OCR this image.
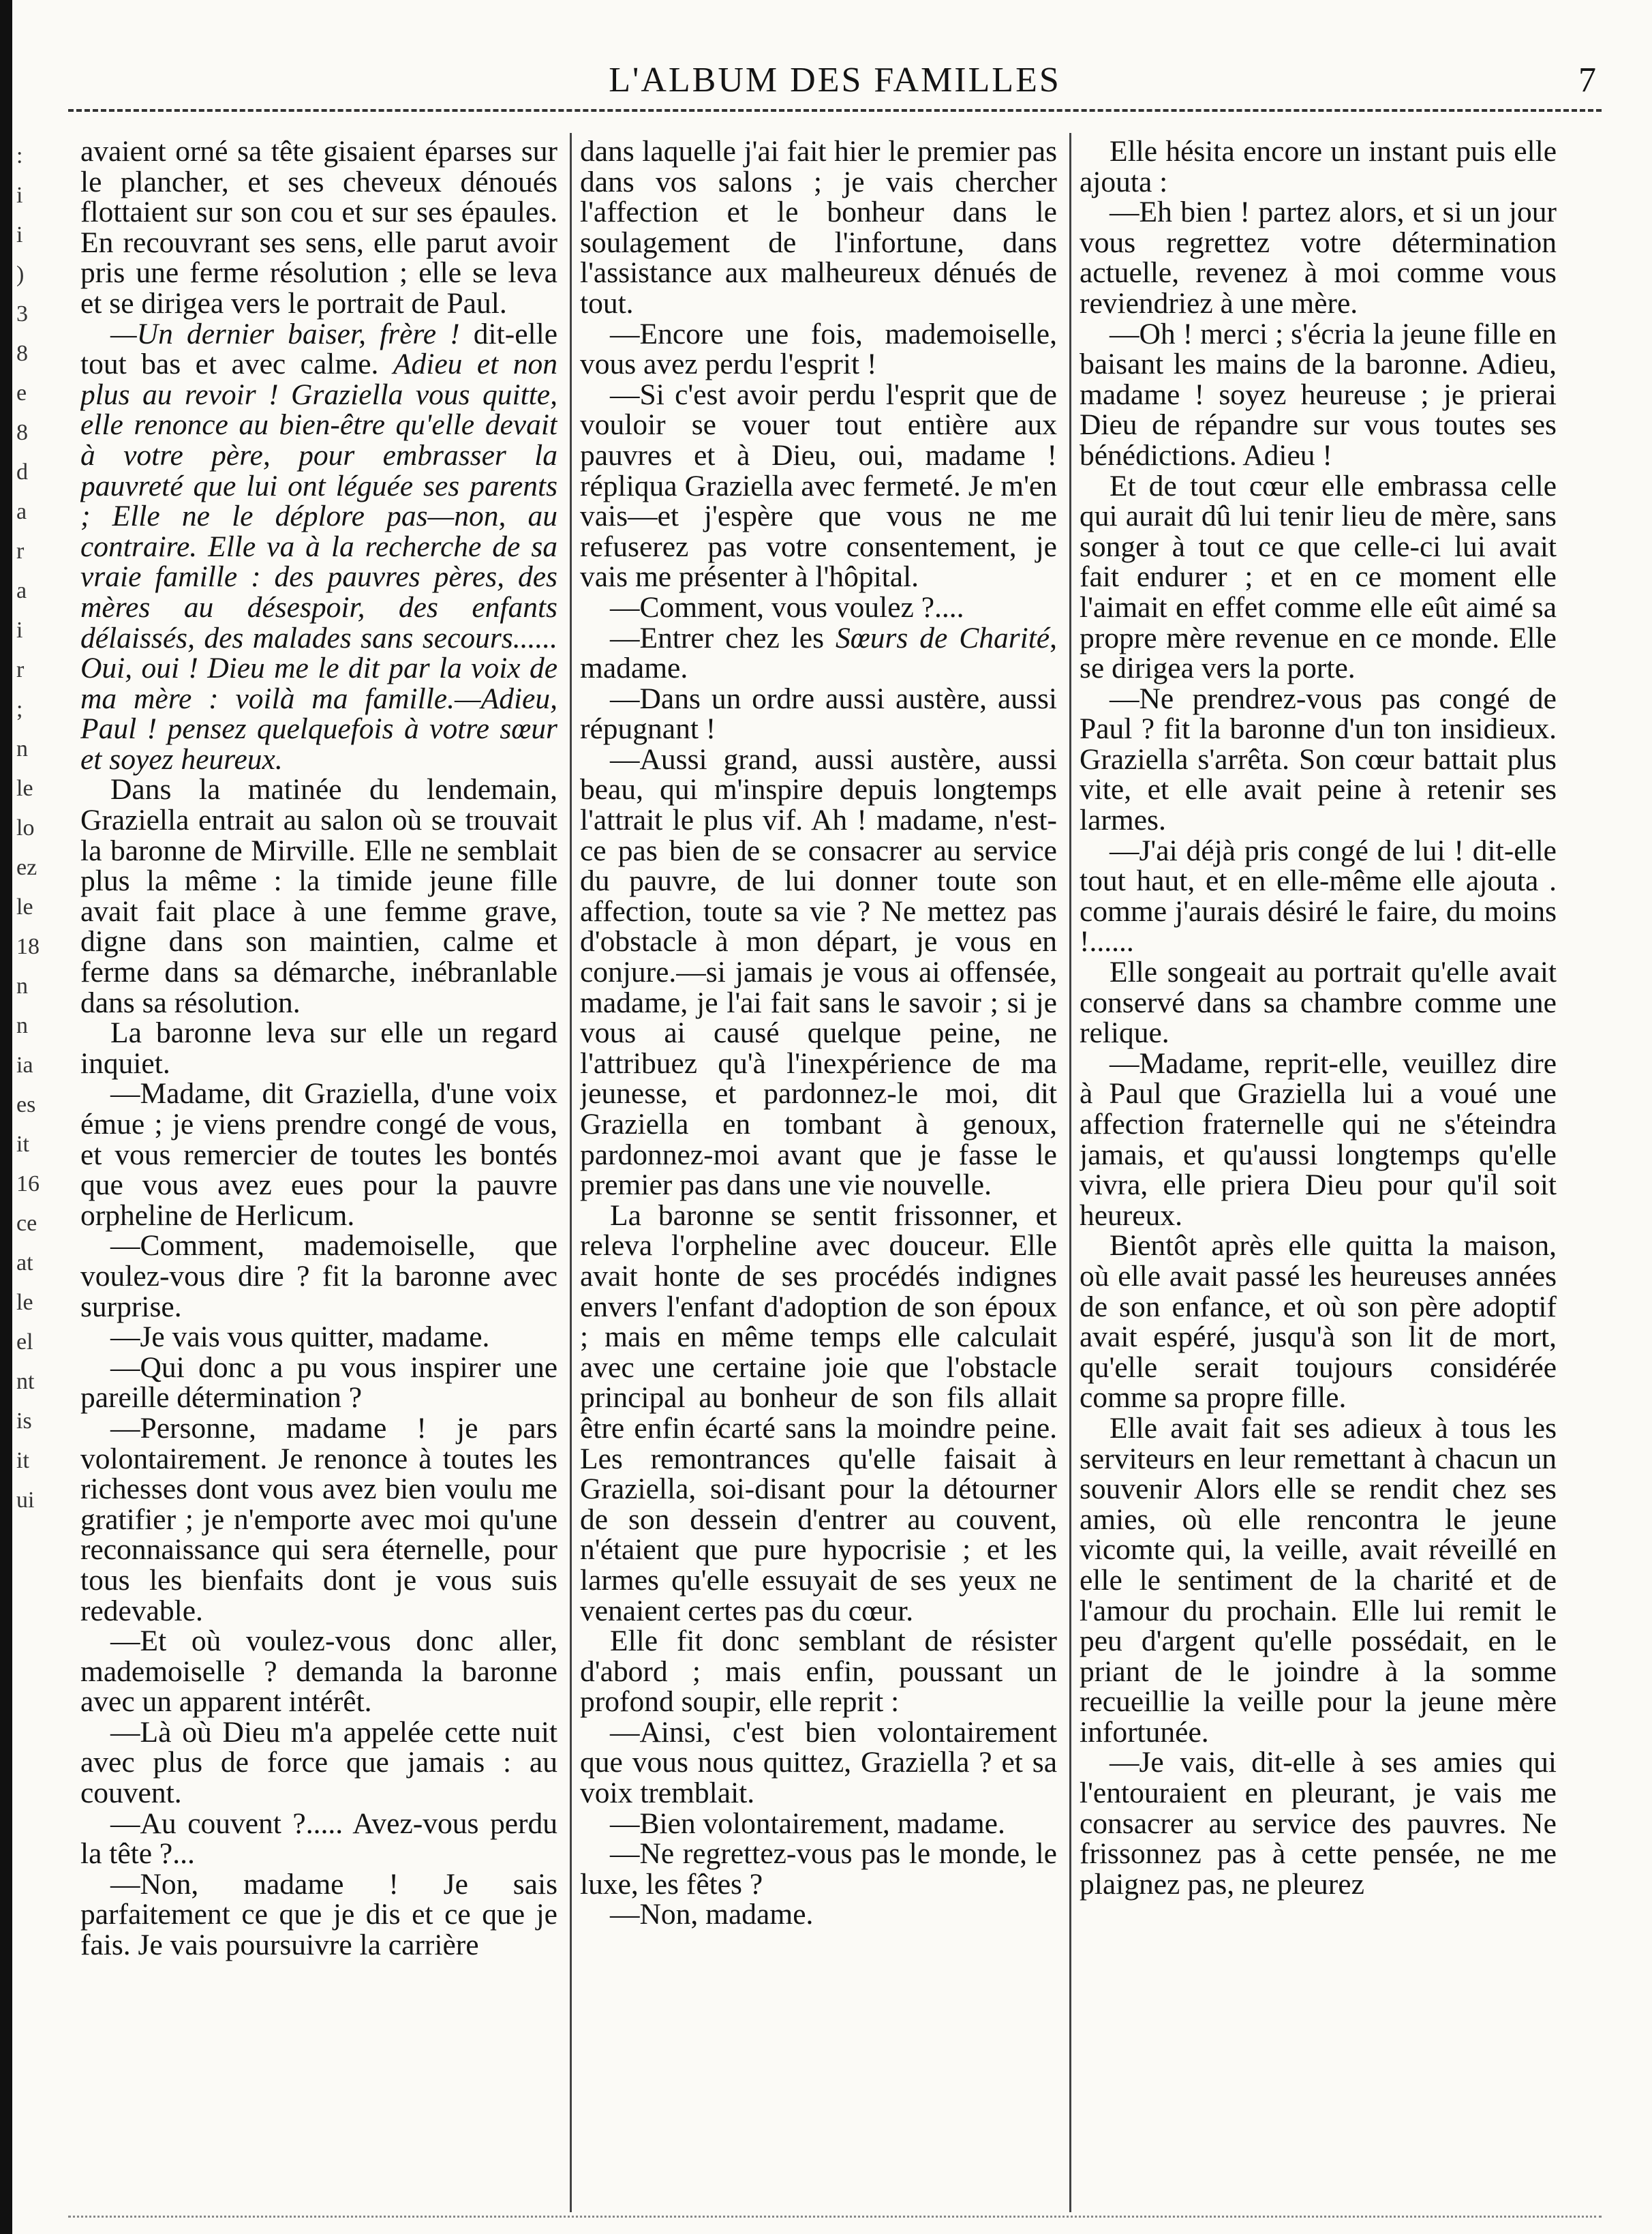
:
i
i
)
3
8
e
8
d
a
r
a
i
r
;
n
le
lo
ez
le
18
n
n
ia
es
it
16
ce
at
le
el
nt
is
it
ui
L'ALBUM DES FAMILLES	7

avaient orné sa tête gisaient éparses sur le plancher, et ses cheveux dénoués flottaient sur son cou et sur ses épaules. En recouvrant ses sens, elle parut avoir pris une ferme résolution ; elle se leva et se dirigea vers le portrait de Paul.

—Un dernier baiser, frère ! dit-elle tout bas et avec calme. Adieu et non plus au revoir ! Graziella vous quitte, elle renonce au bien-être qu'elle devait à votre père, pour embrasser la pauvreté que lui ont léguée ses parents ; Elle ne le déplore pas—non, au contraire. Elle va à la recherche de sa vraie famille : des pauvres pères, des mères au désespoir, des enfants délaissés, des malades sans secours...... Oui, oui ! Dieu me le dit par la voix de ma mère : voilà ma famille.—Adieu, Paul ! pensez quelquefois à votre sœur et soyez heureux.

Dans la matinée du lendemain, Graziella entrait au salon où se trouvait la baronne de Mirville. Elle ne semblait plus la même : la timide jeune fille avait fait place à une femme grave, digne dans son maintien, calme et ferme dans sa démarche, inébranlable dans sa résolution.

La baronne leva sur elle un regard inquiet.

—Madame, dit Graziella, d'une voix émue ; je viens prendre congé de vous, et vous remercier de toutes les bontés que vous avez eues pour la pauvre orpheline de Herlicum.

—Comment, mademoiselle, que voulez-vous dire ? fit la baronne avec surprise.

—Je vais vous quitter, madame.

—Qui donc a pu vous inspirer une pareille détermination ?

—Personne, madame ! je pars volontairement. Je renonce à toutes les richesses dont vous avez bien voulu me gratifier ; je n'emporte avec moi qu'une reconnaissance qui sera éternelle, pour tous les bienfaits dont je vous suis redevable.

—Et où voulez-vous donc aller, mademoiselle ? demanda la baronne avec un apparent intérêt.

—Là où Dieu m'a appelée cette nuit avec plus de force que jamais : au couvent.

—Au couvent ?..... Avez-vous perdu la tête ?...

—Non, madame ! Je sais parfaitement ce que je dis et ce que je fais. Je vais poursuivre la carrière

dans laquelle j'ai fait hier le premier pas dans vos salons ; je vais chercher l'affection et le bonheur dans le soulagement de l'infortune, dans l'assistance aux malheureux dénués de tout.

—Encore une fois, mademoiselle, vous avez perdu l'esprit !

—Si c'est avoir perdu l'esprit que de vouloir se vouer tout entière aux pauvres et à Dieu, oui, madame ! répliqua Graziella avec fermeté. Je m'en vais—et j'espère que vous ne me refuserez pas votre consentement, je vais me présenter à l'hôpital.

—Comment, vous voulez ?....

—Entrer chez les Sœurs de Charité, madame.

—Dans un ordre aussi austère, aussi répugnant !

—Aussi grand, aussi austère, aussi beau, qui m'inspire depuis longtemps l'attrait le plus vif. Ah ! madame, n'est-ce pas bien de se consacrer au service du pauvre, de lui donner toute son affection, toute sa vie ? Ne mettez pas d'obstacle à mon départ, je vous en conjure.—si jamais je vous ai offensée, madame, je l'ai fait sans le savoir ; si je vous ai causé quelque peine, ne l'attribuez qu'à l'inexpérience de ma jeunesse, et pardonnez-le moi, dit Graziella en tombant à genoux, pardonnez-moi avant que je fasse le premier pas dans une vie nouvelle.

La baronne se sentit frissonner, et releva l'orpheline avec douceur. Elle avait honte de ses procédés indignes envers l'enfant d'adoption de son époux ; mais en même temps elle calculait avec une certaine joie que l'obstacle principal au bonheur de son fils allait être enfin écarté sans la moindre peine. Les remontrances qu'elle faisait à Graziella, soi-disant pour la détourner de son dessein d'entrer au couvent, n'étaient que pure hypocrisie ; et les larmes qu'elle essuyait de ses yeux ne venaient certes pas du cœur.

Elle fit donc semblant de résister d'abord ; mais enfin, poussant un profond soupir, elle reprit :

—Ainsi, c'est bien volontairement que vous nous quittez, Graziella ? et sa voix tremblait.

—Bien volontairement, madame.

—Ne regrettez-vous pas le monde, le luxe, les fêtes ?

—Non, madame.

Elle hésita encore un instant puis elle ajouta :

—Eh bien ! partez alors, et si un jour vous regrettez votre détermination actuelle, revenez à moi comme vous reviendriez à une mère.

—Oh ! merci ; s'écria la jeune fille en baisant les mains de la baronne. Adieu, madame ! soyez heureuse ; je prierai Dieu de répandre sur vous toutes ses bénédictions. Adieu !

Et de tout cœur elle embrassa celle qui aurait dû lui tenir lieu de mère, sans songer à tout ce que celle-ci lui avait fait endurer ; et en ce moment elle l'aimait en effet comme elle eût aimé sa propre mère revenue en ce monde. Elle se dirigea vers la porte.

—Ne prendrez-vous pas congé de Paul ? fit la baronne d'un ton insidieux. Graziella s'arrêta. Son cœur battait plus vite, et elle avait peine à retenir ses larmes.

—J'ai déjà pris congé de lui ! dit-elle tout haut, et en elle-même elle ajouta . comme j'aurais désiré le faire, du moins !......

Elle songeait au portrait qu'elle avait conservé dans sa chambre comme une relique.

—Madame, reprit-elle, veuillez dire à Paul que Graziella lui a voué une affection fraternelle qui ne s'éteindra jamais, et qu'aussi longtemps qu'elle vivra, elle priera Dieu pour qu'il soit heureux.

Bientôt après elle quitta la maison, où elle avait passé les heureuses années de son enfance, et où son père adoptif avait espéré, jusqu'à son lit de mort, qu'elle serait toujours considérée comme sa propre fille.

Elle avait fait ses adieux à tous les serviteurs en leur remettant à chacun un souvenir Alors elle se rendit chez ses amies, où elle rencontra le jeune vicomte qui, la veille, avait réveillé en elle le sentiment de la charité et de l'amour du prochain. Elle lui remit le peu d'argent qu'elle possédait, en le priant de le joindre à la somme recueillie la veille pour la jeune mère infortunée.

—Je vais, dit-elle à ses amies qui l'entouraient en pleurant, je vais me consacrer au service des pauvres. Ne frissonnez pas à cette pensée, ne me plaignez pas, ne pleurez
